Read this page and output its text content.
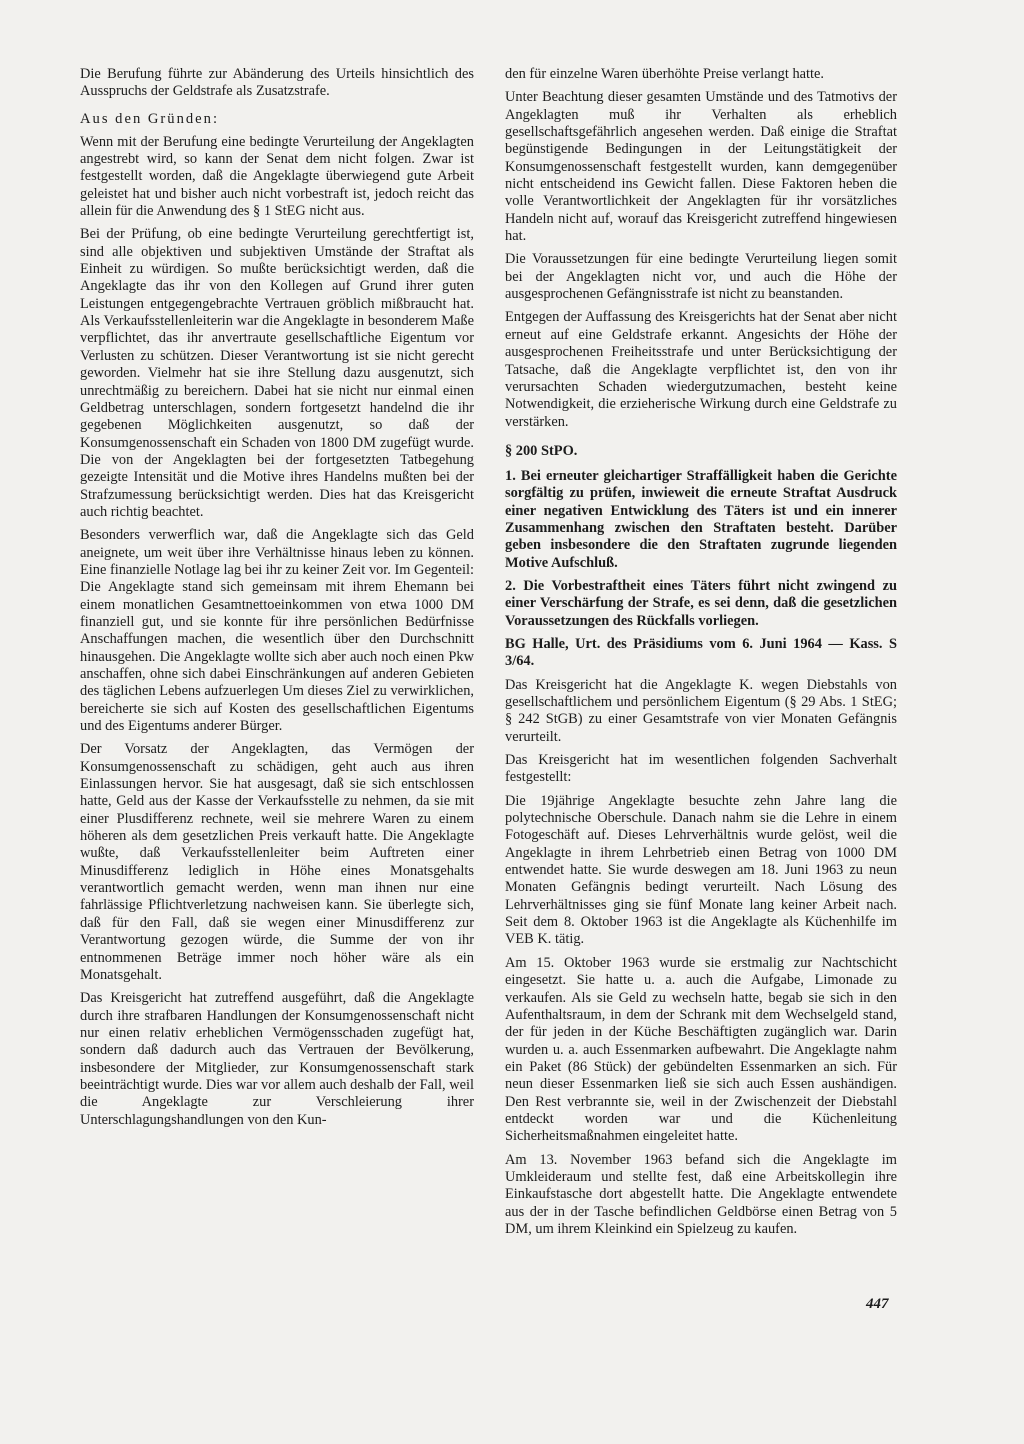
Die Berufung führte zur Abänderung des Urteils hinsichtlich des Ausspruchs der Geldstrafe als Zusatzstrafe.

Aus den Gründen:

Wenn mit der Berufung eine bedingte Verurteilung der Angeklagten angestrebt wird, so kann der Senat dem nicht folgen. Zwar ist festgestellt worden, daß die Angeklagte überwiegend gute Arbeit geleistet hat und bisher auch nicht vorbestraft ist, jedoch reicht das allein für die Anwendung des § 1 StEG nicht aus.

Bei der Prüfung, ob eine bedingte Verurteilung gerechtfertigt ist, sind alle objektiven und subjektiven Umstände der Straftat als Einheit zu würdigen. So mußte berücksichtigt werden, daß die Angeklagte das ihr von den Kollegen auf Grund ihrer guten Leistungen entgegengebrachte Vertrauen gröblich mißbraucht hat. Als Verkaufsstellenleiterin war die Angeklagte in besonderem Maße verpflichtet, das ihr anvertraute gesellschaftliche Eigentum vor Verlusten zu schützen. Dieser Verantwortung ist sie nicht gerecht geworden. Vielmehr hat sie ihre Stellung dazu ausgenutzt, sich unrechtmäßig zu bereichern. Dabei hat sie nicht nur einmal einen Geldbetrag unterschlagen, sondern fortgesetzt handelnd die ihr gegebenen Möglichkeiten ausgenutzt, so daß der Konsumgenossenschaft ein Schaden von 1800 DM zugefügt wurde. Die von der Angeklagten bei der fortgesetzten Tatbegehung gezeigte Intensität und die Motive ihres Handelns mußten bei der Strafzumessung berücksichtigt werden. Dies hat das Kreisgericht auch richtig beachtet.

Besonders verwerflich war, daß die Angeklagte sich das Geld aneignete, um weit über ihre Verhältnisse hinaus leben zu können. Eine finanzielle Notlage lag bei ihr zu keiner Zeit vor. Im Gegenteil: Die Angeklagte stand sich gemeinsam mit ihrem Ehemann bei einem monatlichen Gesamtnettoeinkommen von etwa 1000 DM finanziell gut, und sie konnte für ihre persönlichen Bedürfnisse Anschaffungen machen, die wesentlich über den Durchschnitt hinausgehen. Die Angeklagte wollte sich aber auch noch einen Pkw anschaffen, ohne sich dabei Einschränkungen auf anderen Gebieten des täglichen Lebens aufzuerlegen Um dieses Ziel zu verwirklichen, bereicherte sie sich auf Kosten des gesellschaftlichen Eigentums und des Eigentums anderer Bürger.

Der Vorsatz der Angeklagten, das Vermögen der Konsumgenossenschaft zu schädigen, geht auch aus ihren Einlassungen hervor. Sie hat ausgesagt, daß sie sich entschlossen hatte, Geld aus der Kasse der Verkaufsstelle zu nehmen, da sie mit einer Plusdifferenz rechnete, weil sie mehrere Waren zu einem höheren als dem gesetzlichen Preis verkauft hatte. Die Angeklagte wußte, daß Verkaufsstellenleiter beim Auftreten einer Minusdifferenz lediglich in Höhe eines Monatsgehalts verantwortlich gemacht werden, wenn man ihnen nur eine fahrlässige Pflichtverletzung nachweisen kann. Sie überlegte sich, daß für den Fall, daß sie wegen einer Minusdifferenz zur Verantwortung gezogen würde, die Summe der von ihr entnommenen Beträge immer noch höher wäre als ein Monatsgehalt.

Das Kreisgericht hat zutreffend ausgeführt, daß die Angeklagte durch ihre strafbaren Handlungen der Konsumgenossenschaft nicht nur einen relativ erheblichen Vermögensschaden zugefügt hat, sondern daß dadurch auch das Vertrauen der Bevölkerung, insbesondere der Mitglieder, zur Konsumgenossenschaft stark beeinträchtigt wurde. Dies war vor allem auch deshalb der Fall, weil die Angeklagte zur Verschleierung ihrer Unterschlagungshandlungen von den Kun-

den für einzelne Waren überhöhte Preise verlangt hatte.

Unter Beachtung dieser gesamten Umstände und des Tatmotivs der Angeklagten muß ihr Verhalten als erheblich gesellschaftsgefährlich angesehen werden. Daß einige die Straftat begünstigende Bedingungen in der Leitungstätigkeit der Konsumgenossenschaft festgestellt wurden, kann demgegenüber nicht entscheidend ins Gewicht fallen. Diese Faktoren heben die volle Verantwortlichkeit der Angeklagten für ihr vorsätzliches Handeln nicht auf, worauf das Kreisgericht zutreffend hingewiesen hat.

Die Voraussetzungen für eine bedingte Verurteilung liegen somit bei der Angeklagten nicht vor, und auch die Höhe der ausgesprochenen Gefängnisstrafe ist nicht zu beanstanden.

Entgegen der Auffassung des Kreisgerichts hat der Senat aber nicht erneut auf eine Geldstrafe erkannt. Angesichts der Höhe der ausgesprochenen Freiheitsstrafe und unter Berücksichtigung der Tatsache, daß die Angeklagte verpflichtet ist, den von ihr verursachten Schaden wiedergutzumachen, besteht keine Notwendigkeit, die erzieherische Wirkung durch eine Geldstrafe zu verstärken.

§ 200 StPO.

1. Bei erneuter gleichartiger Straffälligkeit haben die Gerichte sorgfältig zu prüfen, inwieweit die erneute Straftat Ausdruck einer negativen Entwicklung des Täters ist und ein innerer Zusammenhang zwischen den Straftaten besteht. Darüber geben insbesondere die den Straftaten zugrunde liegenden Motive Aufschluß.

2. Die Vorbestraftheit eines Täters führt nicht zwingend zu einer Verschärfung der Strafe, es sei denn, daß die gesetzlichen Voraussetzungen des Rückfalls vorliegen.

BG Halle, Urt. des Präsidiums vom 6. Juni 1964 — Kass. S 3/64.

Das Kreisgericht hat die Angeklagte K. wegen Diebstahls von gesellschaftlichem und persönlichem Eigentum (§ 29 Abs. 1 StEG; § 242 StGB) zu einer Gesamtstrafe von vier Monaten Gefängnis verurteilt.

Das Kreisgericht hat im wesentlichen folgenden Sachverhalt festgestellt:

Die 19jährige Angeklagte besuchte zehn Jahre lang die polytechnische Oberschule. Danach nahm sie die Lehre in einem Fotogeschäft auf. Dieses Lehrverhältnis wurde gelöst, weil die Angeklagte in ihrem Lehrbetrieb einen Betrag von 1000 DM entwendet hatte. Sie wurde deswegen am 18. Juni 1963 zu neun Monaten Gefängnis bedingt verurteilt. Nach Lösung des Lehrverhältnisses ging sie fünf Monate lang keiner Arbeit nach. Seit dem 8. Oktober 1963 ist die Angeklagte als Küchenhilfe im VEB K. tätig.

Am 15. Oktober 1963 wurde sie erstmalig zur Nachtschicht eingesetzt. Sie hatte u. a. auch die Aufgabe, Limonade zu verkaufen. Als sie Geld zu wechseln hatte, begab sie sich in den Aufenthaltsraum, in dem der Schrank mit dem Wechselgeld stand, der für jeden in der Küche Beschäftigten zugänglich war. Darin wurden u. a. auch Essenmarken aufbewahrt. Die Angeklagte nahm ein Paket (86 Stück) der gebündelten Essenmarken an sich. Für neun dieser Essenmarken ließ sie sich auch Essen aushändigen. Den Rest verbrannte sie, weil in der Zwischenzeit der Diebstahl entdeckt worden war und die Küchenleitung Sicherheitsmaßnahmen eingeleitet hatte.

Am 13. November 1963 befand sich die Angeklagte im Umkleideraum und stellte fest, daß eine Arbeitskollegin ihre Einkaufstasche dort abgestellt hatte. Die Angeklagte entwendete aus der in der Tasche befindlichen Geldbörse einen Betrag von 5 DM, um ihrem Kleinkind ein Spielzeug zu kaufen.

447
